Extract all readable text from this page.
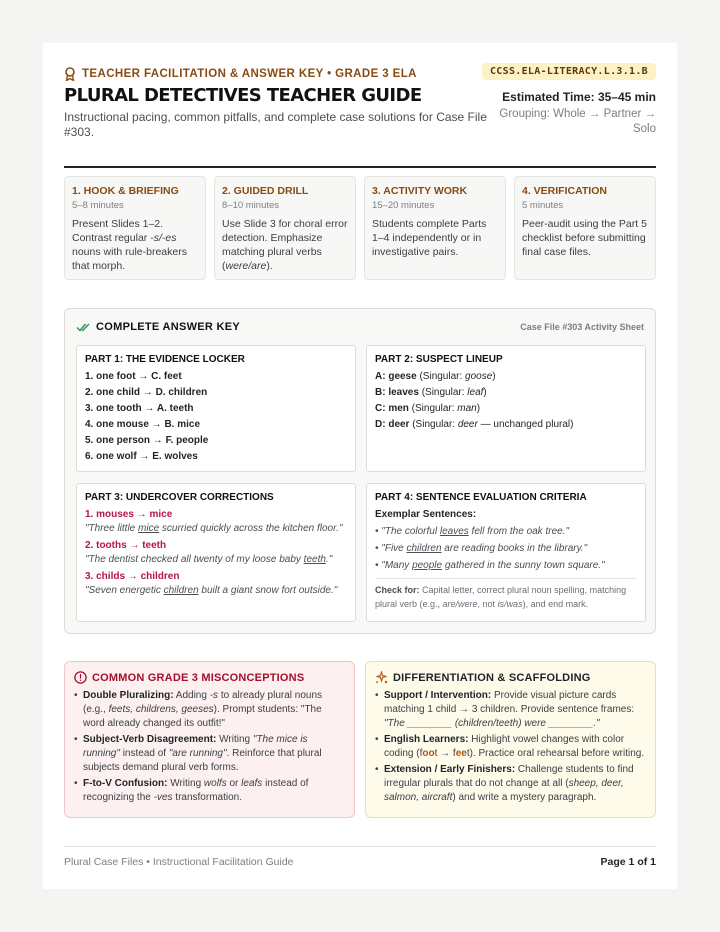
TEACHER FACILITATION & ANSWER KEY • GRADE 3 ELA	CCSS.ELA-LITERACY.L.3.1.B
PLURAL DETECTIVES TEACHER GUIDE
Instructional pacing, common pitfalls, and complete case solutions for Case File #303.
Estimated Time: 35–45 min
Grouping: Whole → Partner → Solo
1. HOOK & BRIEFING
5–8 minutes
Present Slides 1–2. Contrast regular -s/-es nouns with rule-breakers that morph.
2. GUIDED DRILL
8–10 minutes
Use Slide 3 for choral error detection. Emphasize matching plural verbs (were/are).
3. ACTIVITY WORK
15–20 minutes
Students complete Parts 1–4 independently or in investigative pairs.
4. VERIFICATION
5 minutes
Peer-audit using the Part 5 checklist before submitting final case files.
COMPLETE ANSWER KEY	Case File #303 Activity Sheet
PART 1: THE EVIDENCE LOCKER
1. one foot → C. feet
2. one child → D. children
3. one tooth → A. teeth
4. one mouse → B. mice
5. one person → F. people
6. one wolf → E. wolves
PART 2: SUSPECT LINEUP
A: geese (Singular: goose)
B: leaves (Singular: leaf)
C: men (Singular: man)
D: deer (Singular: deer — unchanged plural)
PART 3: UNDERCOVER CORRECTIONS
1. mouses → mice
"Three little mice scurried quickly across the kitchen floor."
2. tooths → teeth
"The dentist checked all twenty of my loose baby teeth."
3. childs → children
"Seven energetic children built a giant snow fort outside."
PART 4: SENTENCE EVALUATION CRITERIA
Exemplar Sentences:
• "The colorful leaves fell from the oak tree."
• "Five children are reading books in the library."
• "Many people gathered in the sunny town square."
Check for: Capital letter, correct plural noun spelling, matching plural verb (e.g., are/were, not is/was), and end mark.
COMMON GRADE 3 MISCONCEPTIONS
• Double Pluralizing: Adding -s to already plural nouns (e.g., feets, childrens, geeses). Prompt students: "The word already changed its outfit!"
• Subject-Verb Disagreement: Writing "The mice is running" instead of "are running". Reinforce that plural subjects demand plural verb forms.
• F-to-V Confusion: Writing wolfs or leafs instead of recognizing the -ves transformation.
DIFFERENTIATION & SCAFFOLDING
• Support / Intervention: Provide visual picture cards matching 1 child → 3 children. Provide sentence frames: "The ________ (children/teeth) were ________."
• English Learners: Highlight vowel changes with color coding (foot → feet). Practice oral rehearsal before writing.
• Extension / Early Finishers: Challenge students to find irregular plurals that do not change at all (sheep, deer, salmon, aircraft) and write a mystery paragraph.
Plural Case Files • Instructional Facilitation Guide	Page 1 of 1
